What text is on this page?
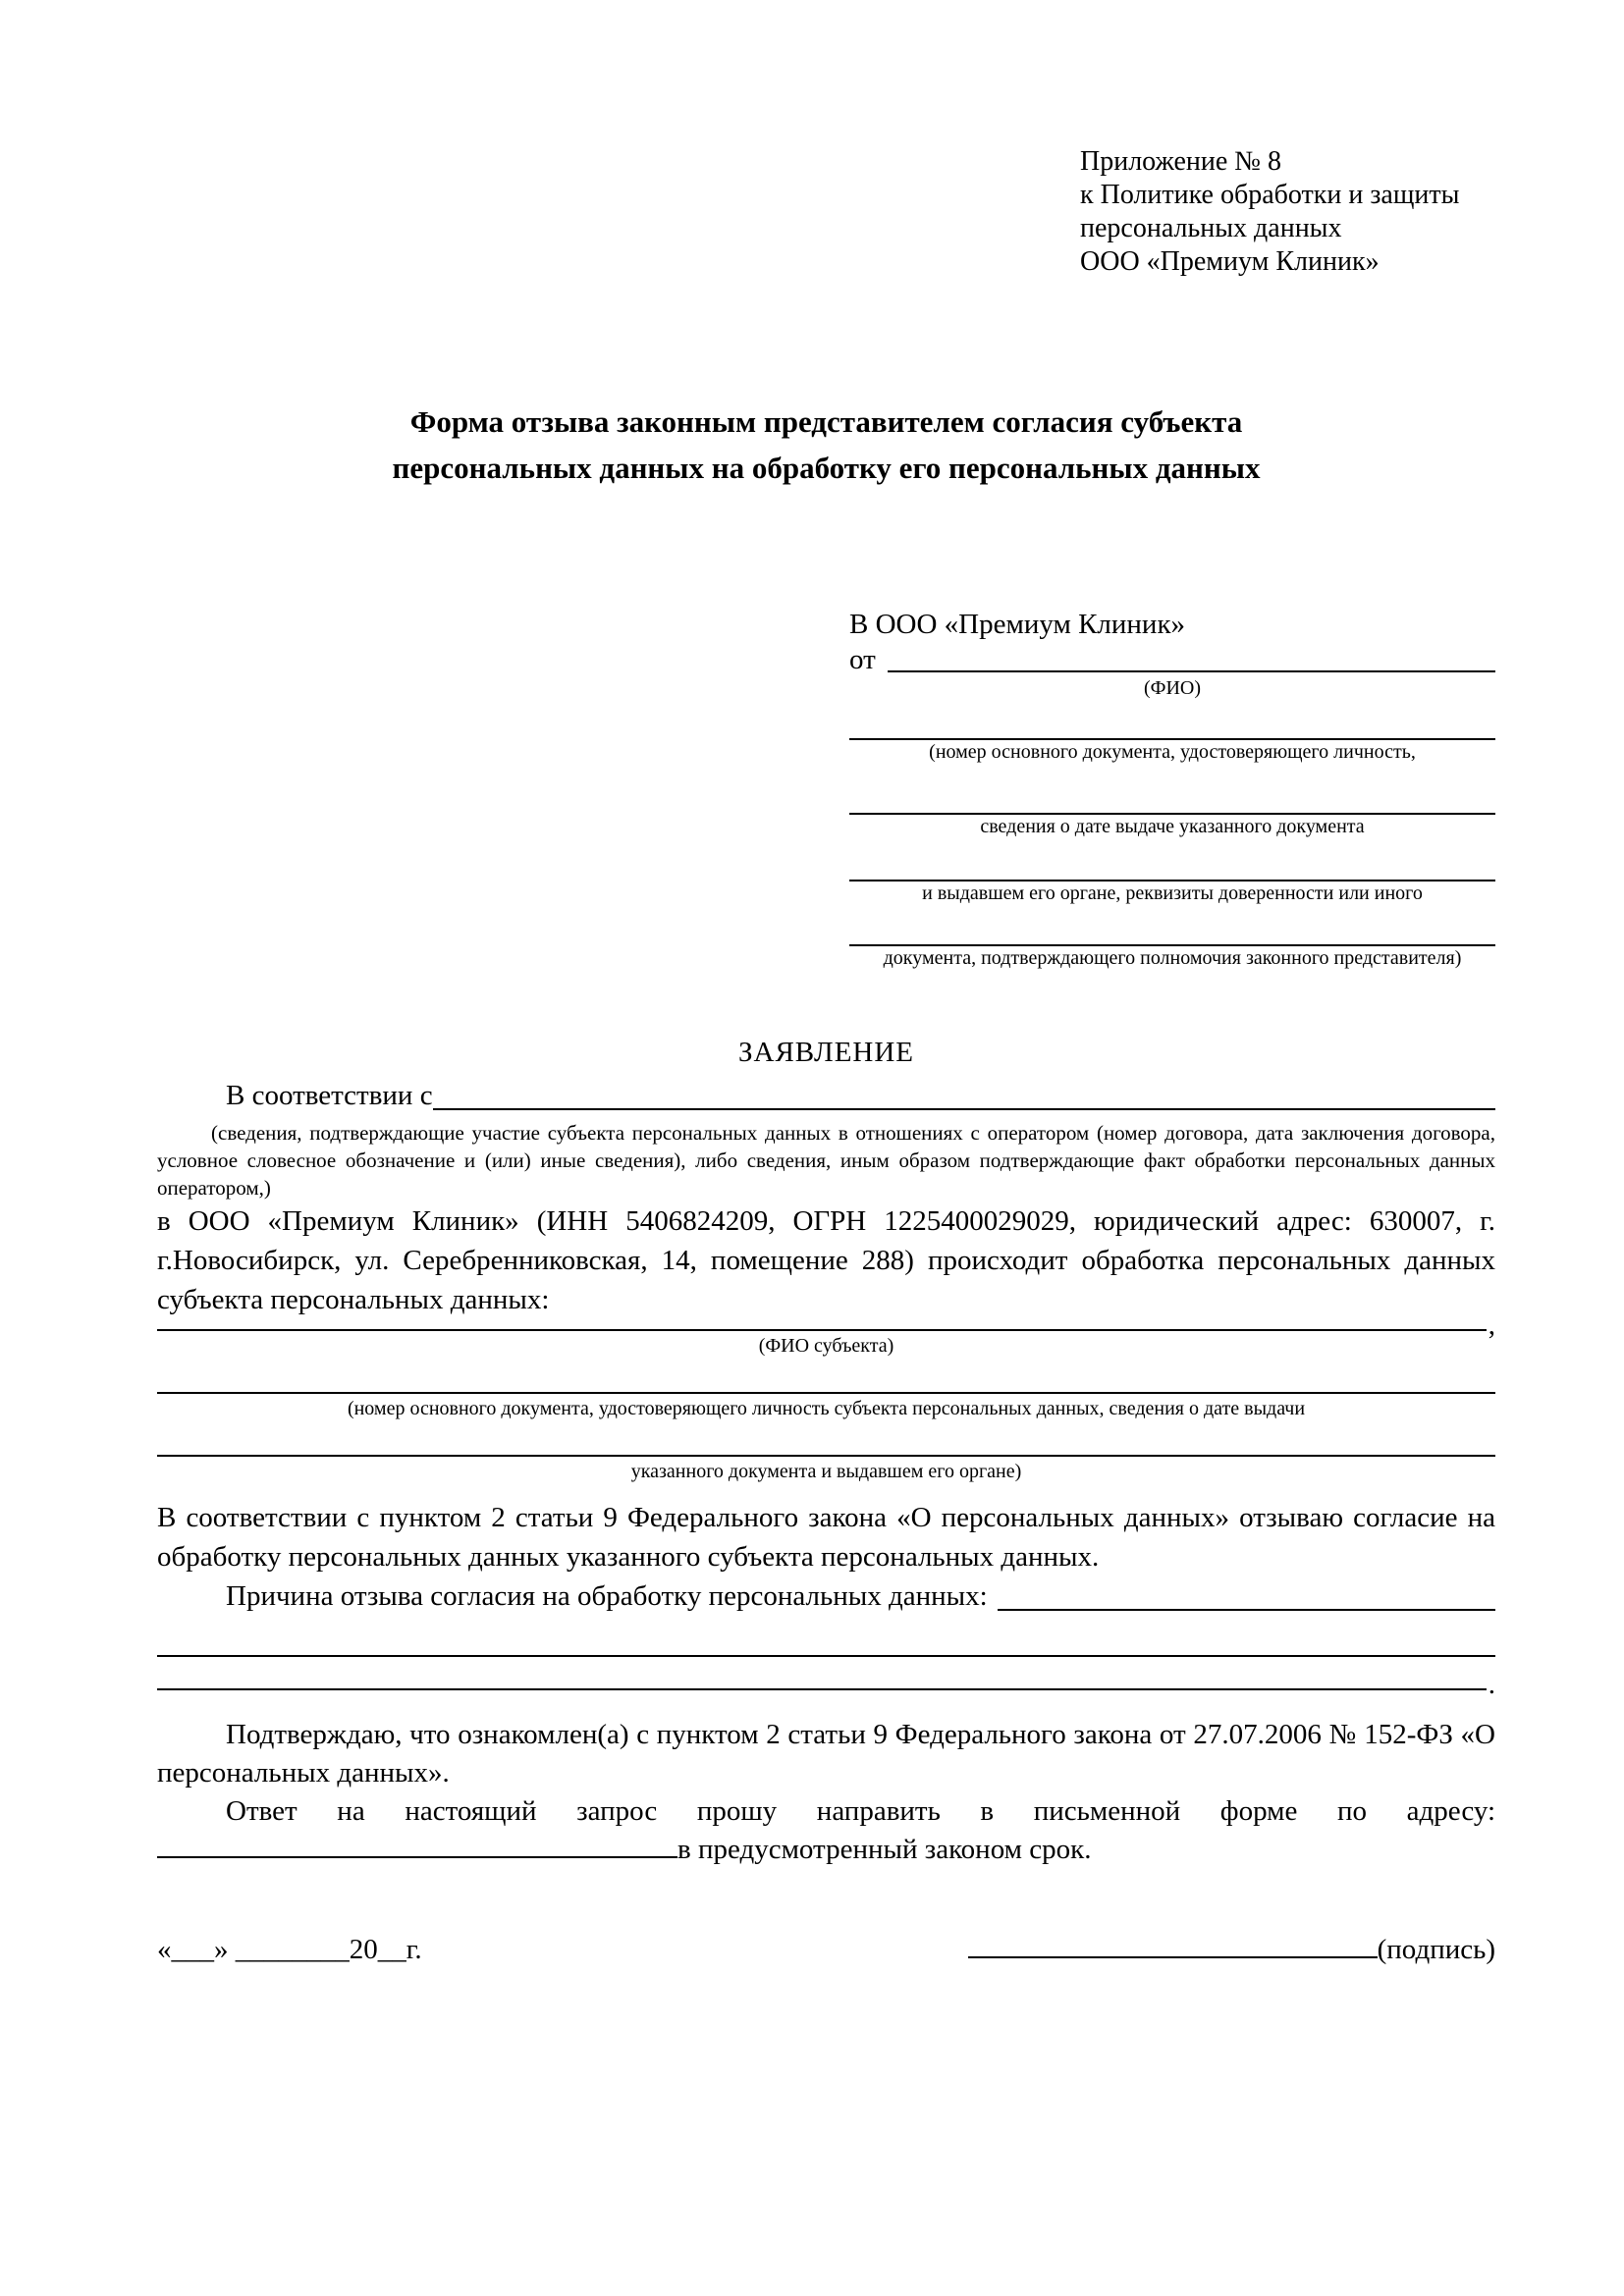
Приложение № 8
к Политике обработки и защиты
персональных данных
ООО «Премиум Клиник»
Форма отзыва законным представителем согласия субъекта
персональных данных на обработку его персональных данных
В ООО «Премиум Клиник»
от
(ФИО)
(номер основного документа, удостоверяющего личность,
сведения о дате выдаче указанного документа
и выдавшем его органе, реквизиты доверенности или иного
документа, подтверждающего полномочия законного представителя)
ЗАЯВЛЕНИЕ
В соответствии с

(сведения, подтверждающие участие субъекта персональных данных в отношениях с оператором (номер договора, дата заключения договора, условное словесное обозначение и (или) иные сведения), либо сведения, иным образом подтверждающие факт обработки персональных данных оператором,)

в ООО «Премиум Клиник» (ИНН 5406824209, ОГРН 1225400029029, юридический адрес: 630007, г. г.Новосибирск, ул. Серебренниковская, 14, помещение 288) происходит обработка персональных данных субъекта персональных данных:

,
(ФИО субъекта)
(номер основного документа, удостоверяющего личность субъекта персональных данных, сведения о дате выдачи
указанного документа и выдавшем его органе)

В соответствии с пунктом 2 статьи 9 Федерального закона «О персональных данных» отзываю согласие на обработку персональных данных указанного субъекта персональных данных.

Причина отзыва согласия на обработку персональных данных:
.

Подтверждаю, что ознакомлен(а) с пунктом 2 статьи 9 Федерального закона от 27.07.2006 № 152-ФЗ «О персональных данных».

Ответ на настоящий запрос прошу направить в письменной форме по адресу:

в предусмотренный законом срок.
«___» ________20__г.	(подпись)
